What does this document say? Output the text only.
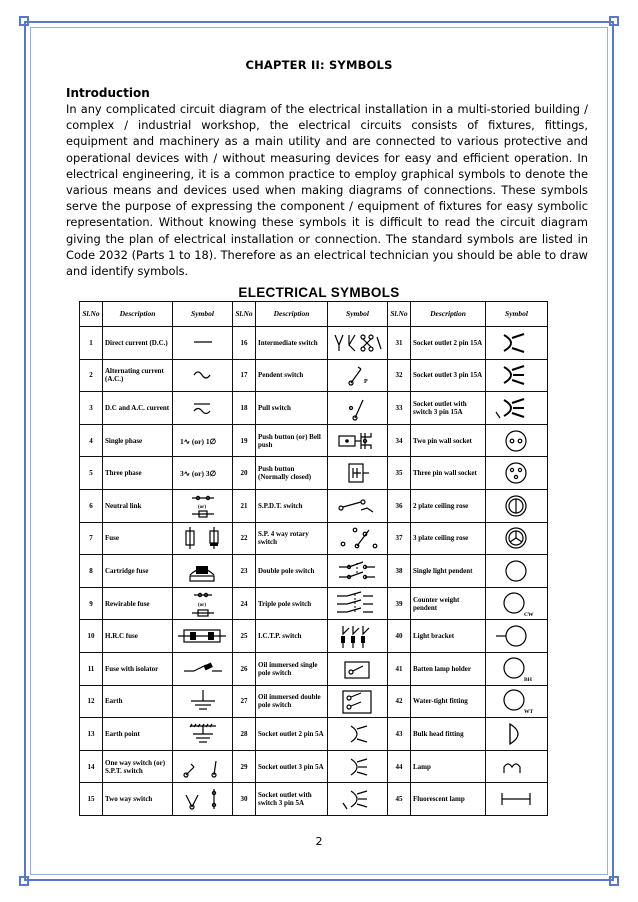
CHAPTER II: SYMBOLS
Introduction
In any complicated circuit diagram of the electrical installation in a multi-storied building / complex / industrial workshop, the electrical circuits consists of fixtures, fittings, equipment and machinery as a main utility and are connected to various protective and operational devices with / without measuring devices for easy and efficient operation. In electrical engineering, it is a common practice to employ graphical symbols to denote the various means and devices used when making diagrams of connections. These symbols serve the purpose of expressing the component / equipment of fixtures for easy symbolic representation. Without knowing these symbols it is difficult to read the circuit diagram giving the plan of electrical installation or connection. The standard symbols are listed in Code 2032 (Parts 1 to 18). Therefore as an electrical technician you should be able to draw and identify symbols.
ELECTRICAL SYMBOLS
Sl.No	Description	Symbol	Sl.No	Description	Symbol	Sl.No	Description	Symbol
1	Direct current (D.C.)		16	Intermediate switch		31	Socket outlet 2 pin 15A	

2	Alternating current (A.C.)		17	Pendent switch	P	32	Socket outlet 3 pin 15A	

3	D.C and A.C. current		18	Pull switch		33	Socket outlet with switch 3 pin 15A	

4	Single phase	1∿ (or) 1∅	19	Push button (or) Bell push		34	Two pin wall socket	

5	Three phase	3∿ (or) 3∅	20	Push button (Normally closed)		35	Three pin wall socket	

6	Neutral link	(or)	21	S.P.D.T. switch		36	2 plate ceiling rose	

7	Fuse		22	S.P. 4 way rotary switch		37	3 plate ceiling rose	

8	Cartridge fuse		23	Double pole switch		38	Single light pendent	

9	Rewirable fuse	(or)	24	Triple pole switch		39	Counter weight pendent	CW

10	H.R.C fuse		25	I.C.T.P. switch		40	Light bracket	

11	Fuse with isolator		26	Oil immersed single pole switch		41	Batten lamp holder	BH

12	Earth		27	Oil immersed double pole switch		42	Water-tight fitting	WT

13	Earth point		28	Socket outlet 2 pin 5A		43	Bulk head fitting	

14	One way switch (or) S.P.T. switch		29	Socket outlet 3 pin 5A		44	Lamp	

15	Two way switch		30	Socket outlet with switch 3 pin 5A		45	Fluorescent lamp	
2
